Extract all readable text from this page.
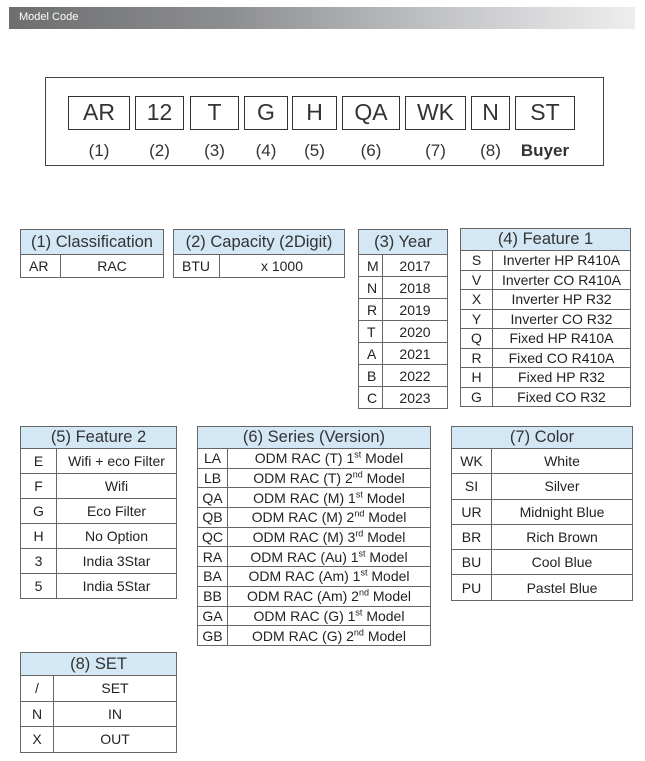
Model Code
AR	12	T	G	H	QA	WK	N	ST
(1)	(2)	(3)	(4)	(5)	(6)	(7)	(8)	Buyer
(1) Classification
AR	RAC
(2) Capacity (2Digit)
BTU	x 1000
(3) Year	
M	2017
N	2018
R	2019
T	2020
A	2021
B	2022
C	2023
(4) Feature 1	
S	Inverter HP R410A
V	Inverter CO R410A
X	Inverter HP R32
Y	Inverter CO R32
Q	Fixed HP R410A
R	Fixed CO R410A
H	Fixed HP R32
G	Fixed CO R32
(5) Feature 2	
E	Wifi + eco Filter
F	Wifi
G	Eco Filter
H	No Option
3	India 3Star
5	India 5Star
(6) Series (Version)	
LA	ODM RAC (T) 1st Model
LB	ODM RAC (T) 2nd Model
QA	ODM RAC (M) 1st Model
QB	ODM RAC (M) 2nd Model
QC	ODM RAC (M) 3rd Model
RA	ODM RAC (Au) 1st Model
BA	ODM RAC (Am) 1st Model
BB	ODM RAC (Am) 2nd Model
GA	ODM RAC (G) 1st Model
GB	ODM RAC (G) 2nd Model
(7) Color	
WK	White
SI	Silver
UR	Midnight Blue
BR	Rich Brown
BU	Cool Blue
PU	Pastel Blue
(8) SET	
/	SET
N	IN
X	OUT
